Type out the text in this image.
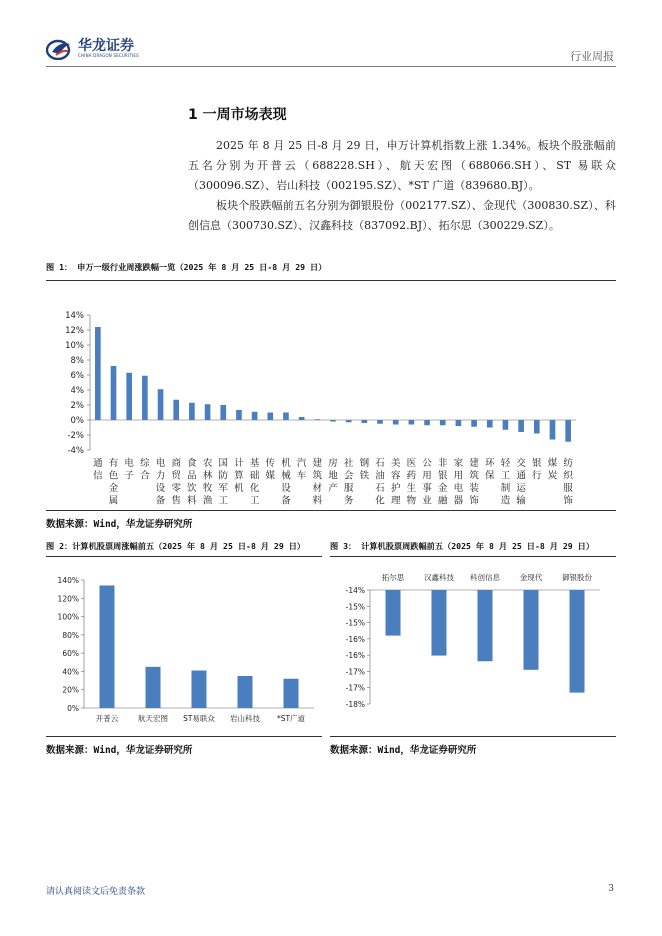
华龙证券
CHINA DRAGON SECURITIES	行业周报
1 一周市场表现
2025 年 8 月 25 日-8 月 29 日，申万计算机指数上涨 1.34%。板块个股涨幅前五名分别为开普云（688228.SH）、航天宏图（688066.SH）、ST 易联众（300096.SZ）、岩山科技（002195.SZ）、*ST 广道（839680.BJ）。
板块个股跌幅前五名分别为御银股份（002177.SZ）、金现代（300830.SZ）、科创信息（300730.SZ）、汉鑫科技（837092.BJ）、拓尔思（300229.SZ）。
图 1： 申万一级行业周涨跌幅一览（2025 年 8 月 25 日-8 月 29 日）
14%
12%
10%
8%
6%
4%
2%
0%
-2%
-4%
通信
有色金属
电子
综合
电力设备
商贸零售
食品饮料
农林牧渔
国防军工
计算机
基础化工
传媒
机械设备
汽车
建筑材料
房地产
社会服务
钢铁
石油石化
美容护理
医药生物
公用事业
非银金融
家用电器
建筑装饰
环保
轻工制造
交通运输
银行
煤炭
纺织服饰
数据来源：Wind，华龙证券研究所
图 2：计算机股票周涨幅前五（2025 年 8 月 25 日-8 月 29 日）
140%
120%
100%
80%
60%
40%
20%
0%
开普云	航天宏图 ST易联众 岩山科技 *ST广道
数据来源：Wind，华龙证券研究所
图 3： 计算机股票周跌幅前五（2025 年 8 月 25 日-8 月 29 日）
-14%
-15%
-15%
-16%
-16%
-17%
-17%
-18%
拓尔思	汉鑫科技 科创信息	金现代	御银股份
数据来源：Wind，华龙证券研究所
请认真阅读文后免责条款	3
